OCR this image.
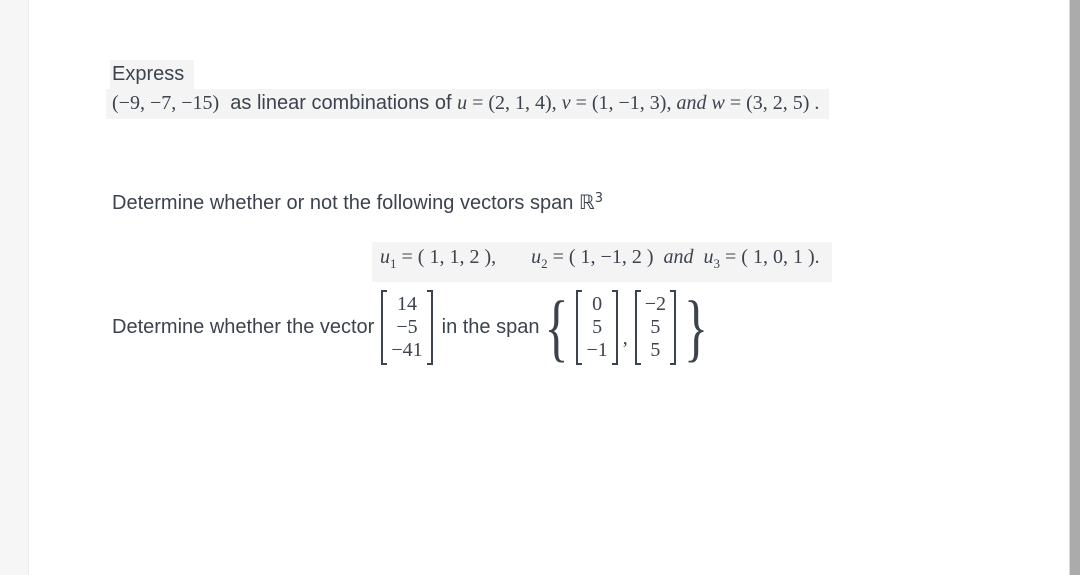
Express
(−9, −7, −15)  as linear combinations of u = (2, 1, 4), v = (1, −1, 3), and w = (3, 2, 5) .
Determine whether or not the following vectors span ℝ$^3$
$u_1$ = ( 1, 1, 2 ), $u_2$ = ( 1, −1, 2 ) and $u_3$ = ( 1, 0, 1 ).
Determine whether the vector
14
−5
−41
in the span { 0
5
−1
,
−2
5
5 }
